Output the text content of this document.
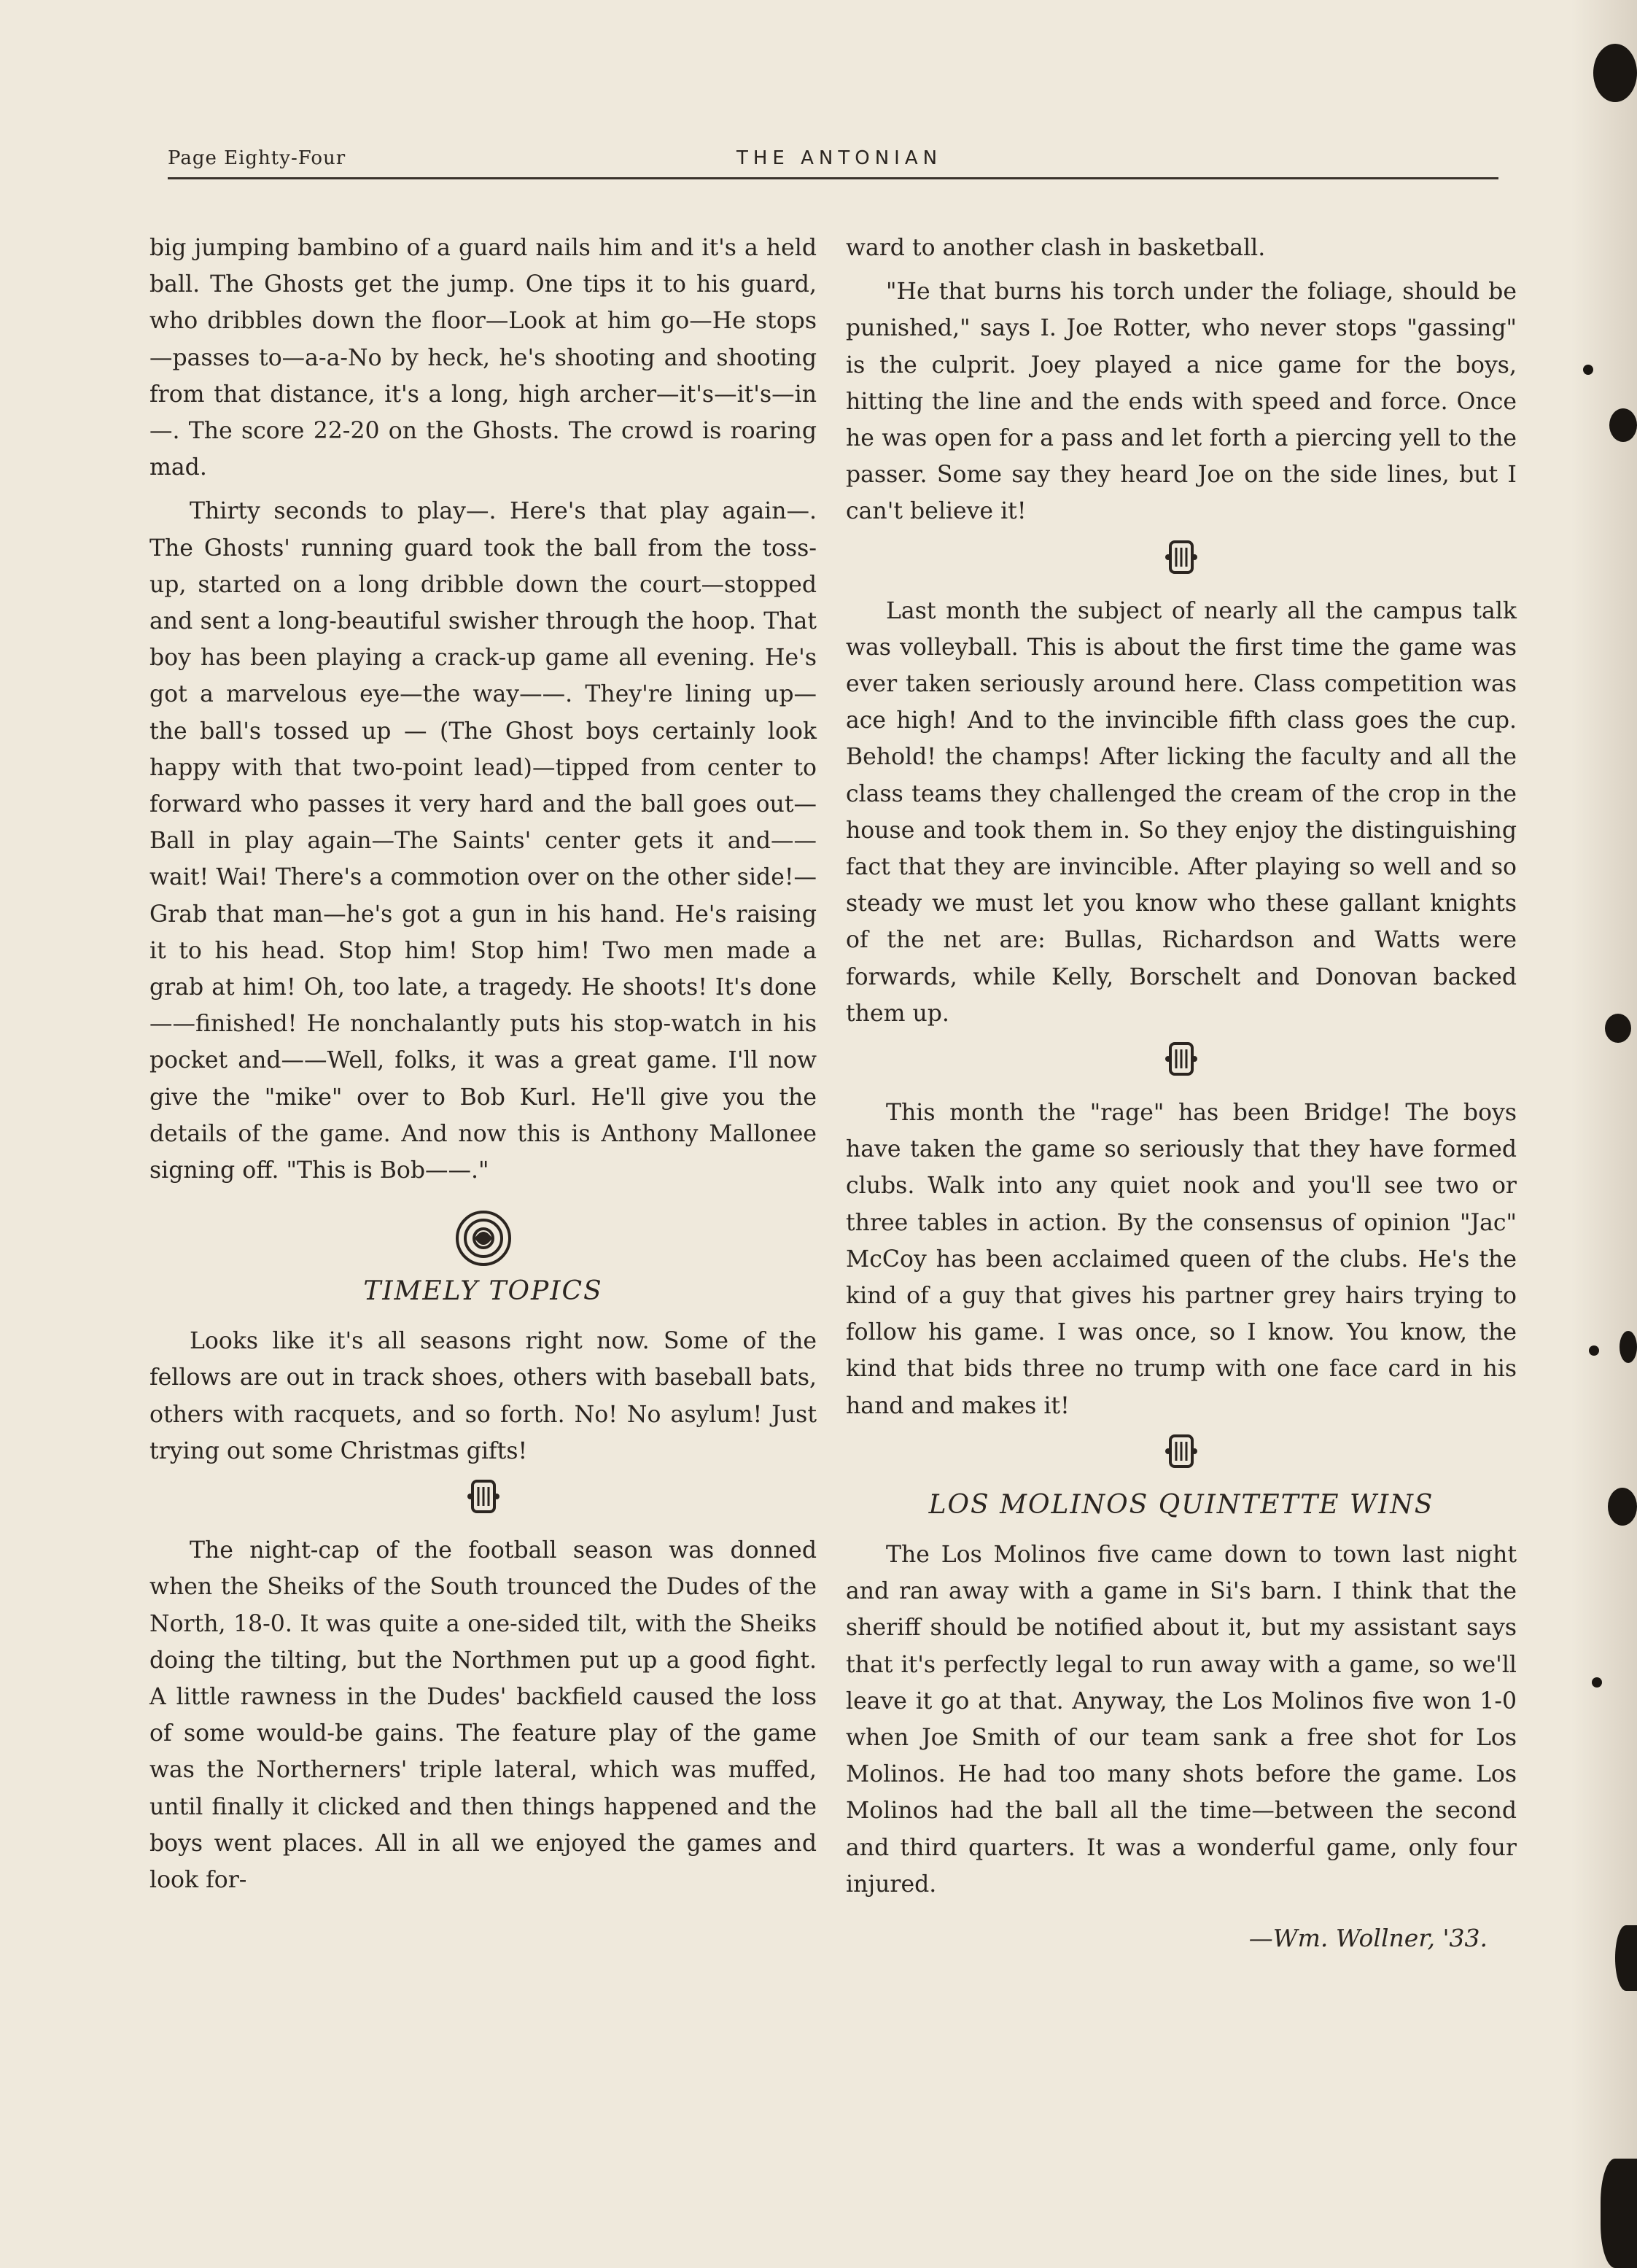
Page Eighty-Four	THE ANTONIAN

big jumping bambino of a guard nails him and it's a held ball. The Ghosts get the jump. One tips it to his guard, who dribbles down the floor—Look at him go—He stops—passes to—a-a-No by heck, he's shooting and shooting from that distance, it's a long, high archer—it's—it's—in—. The score 22-20 on the Ghosts. The crowd is roaring mad.

Thirty seconds to play—. Here's that play again—. The Ghosts' running guard took the ball from the toss-up, started on a long dribble down the court—stopped and sent a long-beautiful swisher through the hoop. That boy has been playing a crack-up game all evening. He's got a marvelous eye—the way——. They're lining up—the ball's tossed up — (The Ghost boys certainly look happy with that two-point lead)—tipped from center to forward who passes it very hard and the ball goes out—Ball in play again—The Saints' center gets it and——wait! Wai! There's a commotion over on the other side!—Grab that man—he's got a gun in his hand. He's raising it to his head. Stop him! Stop him! Two men made a grab at him! Oh, too late, a tragedy. He shoots! It's done——finished! He nonchalantly puts his stop-watch in his pocket and——Well, folks, it was a great game. I'll now give the "mike" over to Bob Kurl. He'll give you the details of the game. And now this is Anthony Mallonee signing off. "This is Bob——."

TIMELY TOPICS

Looks like it's all seasons right now. Some of the fellows are out in track shoes, others with baseball bats, others with racquets, and so forth. No! No asylum! Just trying out some Christmas gifts!

The night-cap of the football season was donned when the Sheiks of the South trounced the Dudes of the North, 18-0. It was quite a one-sided tilt, with the Sheiks doing the tilting, but the Northmen put up a good fight. A little rawness in the Dudes' backfield caused the loss of some would-be gains. The feature play of the game was the Northerners' triple lateral, which was muffed, until finally it clicked and then things happened and the boys went places. All in all we enjoyed the games and look for-

ward to another clash in basketball.

"He that burns his torch under the foliage, should be punished," says I. Joe Rotter, who never stops "gassing" is the culprit. Joey played a nice game for the boys, hitting the line and the ends with speed and force. Once he was open for a pass and let forth a piercing yell to the passer. Some say they heard Joe on the side lines, but I can't believe it!

Last month the subject of nearly all the campus talk was volleyball. This is about the first time the game was ever taken seriously around here. Class competition was ace high! And to the invincible fifth class goes the cup. Behold! the champs! After licking the faculty and all the class teams they challenged the cream of the crop in the house and took them in. So they enjoy the distinguishing fact that they are invincible. After playing so well and so steady we must let you know who these gallant knights of the net are: Bullas, Richardson and Watts were forwards, while Kelly, Borschelt and Donovan backed them up.

This month the "rage" has been Bridge! The boys have taken the game so seriously that they have formed clubs. Walk into any quiet nook and you'll see two or three tables in action. By the consensus of opinion "Jac" McCoy has been acclaimed queen of the clubs. He's the kind of a guy that gives his partner grey hairs trying to follow his game. I was once, so I know. You know, the kind that bids three no trump with one face card in his hand and makes it!

LOS MOLINOS QUINTETTE WINS

The Los Molinos five came down to town last night and ran away with a game in Si's barn. I think that the sheriff should be notified about it, but my assistant says that it's perfectly legal to run away with a game, so we'll leave it go at that. Anyway, the Los Molinos five won 1-0 when Joe Smith of our team sank a free shot for Los Molinos. He had too many shots before the game. Los Molinos had the ball all the time—between the second and third quarters. It was a wonderful game, only four injured.

—Wm. Wollner, '33.
